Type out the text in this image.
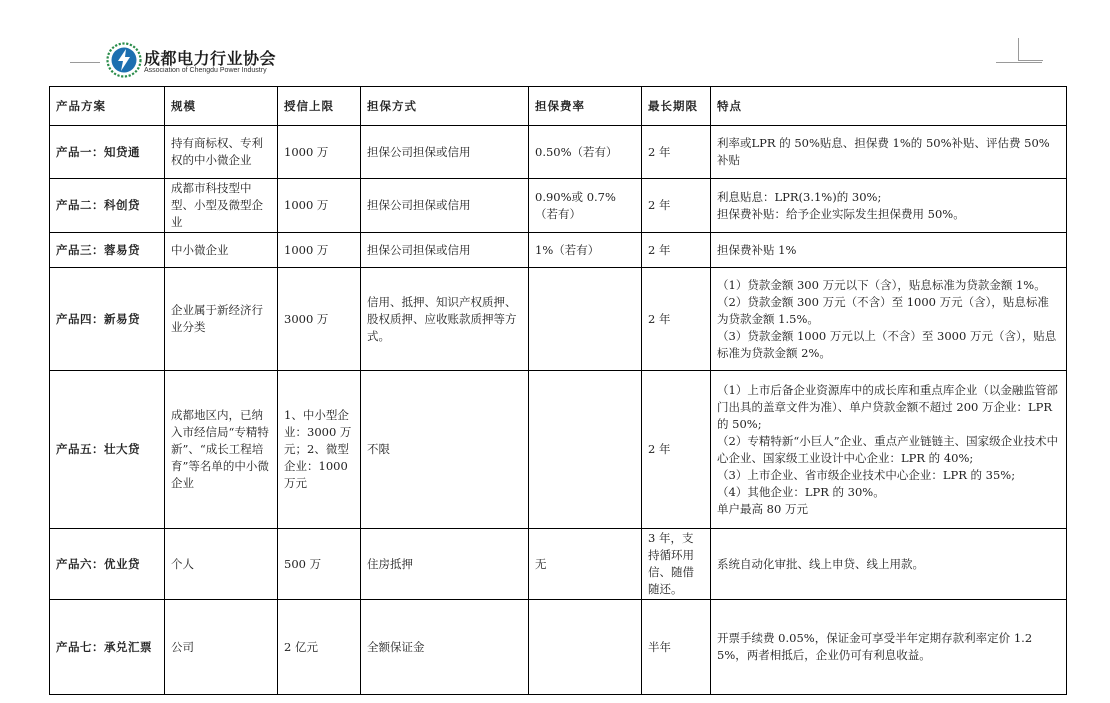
成都电力行业协会
Association of Chengdu Power Industry
产品方案	规模	授信上限	担保方式	担保费率	最长期限	特点
产品一：知贷通	持有商标权、专利权的中小微企业	1000 万	担保公司担保或信用	0.50%（若有）	2 年	利率或LPR 的 50%贴息、担保费 1%的 50%补贴、评估费 50%补贴

产品二：科创贷	成都市科技型中型、小型及微型企业	1000 万	担保公司担保或信用	0.90%或 0.7%（若有）	2 年	利息贴息：LPR(3.1%)的 30%;
担保费补贴：给予企业实际发生担保费用 50%。

产品三：蓉易贷	中小微企业	1000 万	担保公司担保或信用	1%（若有）	2 年	担保费补贴 1%

产品四：新易贷	企业属于新经济行业分类	3000 万	信用、抵押、知识产权质押、股权质押、应收账款质押等方式。		2 年	（1）贷款金额 300 万元以下（含），贴息标准为贷款金额 1%。
（2）贷款金额 300 万元（不含）至 1000 万元（含），贴息标准为贷款金额 1.5%。
（3）贷款金额 1000 万元以上（不含）至 3000 万元（含），贴息标准为贷款金额 2%。

产品五：壮大贷	成都地区内，已纳入市经信局“专精特新”、“成长工程培育”等名单的中小微企业	1、中小型企业：3000 万元；2、微型企业：1000 万元	不限		2 年	（1）上市后备企业资源库中的成长库和重点库企业（以金融监管部门出具的盖章文件为准）、单户贷款金额不超过 200 万企业：LPR 的 50%;
（2）专精特新“小巨人”企业、重点产业链链主、国家级企业技术中心企业、国家级工业设计中心企业：LPR 的 40%;
（3）上市企业、省市级企业技术中心企业：LPR 的 35%;
（4）其他企业：LPR 的 30%。
单户最高 80 万元

产品六：优业贷	个人	500 万	住房抵押	无	3 年，支持循环用信、随借随还。	系统自动化审批、线上申贷、线上用款。

产品七：承兑汇票	公司	2 亿元	全额保证金		半年	开票手续费 0.05%，保证金可享受半年定期存款利率定价 1.25%，两者相抵后，企业仍可有利息收益。
